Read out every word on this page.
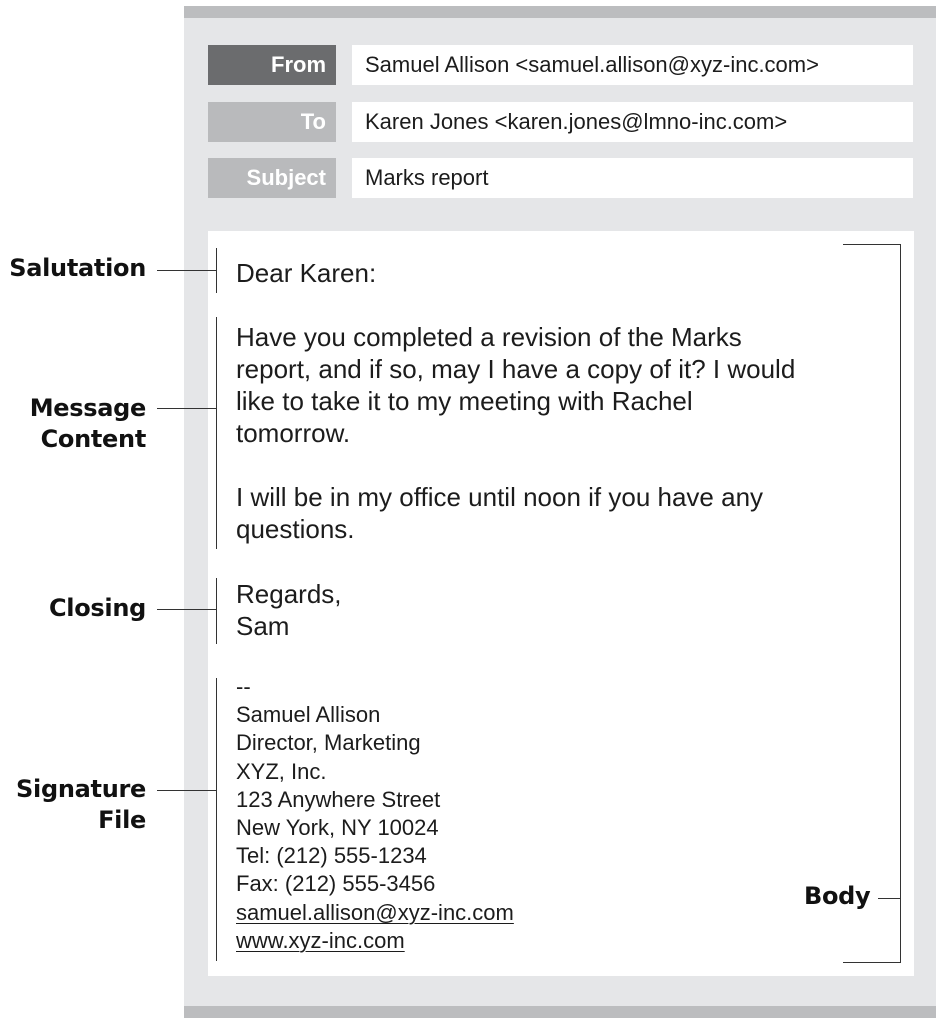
From	Samuel Allison <samuel.allison@xyz-inc.com>
To	Karen Jones <karen.jones@lmno-inc.com>
Subject	Marks report

Dear Karen:

Have you completed a revision of the Marks
report, and if so, may I have a copy of it? I would
like to take it to my meeting with Rachel
tomorrow.
I will be in my office until noon if you have any
questions.
Regards,
Sam
--
Samuel Allison
Director, Marketing
XYZ, Inc.
123 Anywhere Street
New York, NY 10024
Tel: (212) 555-1234
Fax: (212) 555-3456
samuel.allison@xyz-inc.com
www.xyz-inc.com
Salutation
Message
Content
Closing
Signature
File
Body
